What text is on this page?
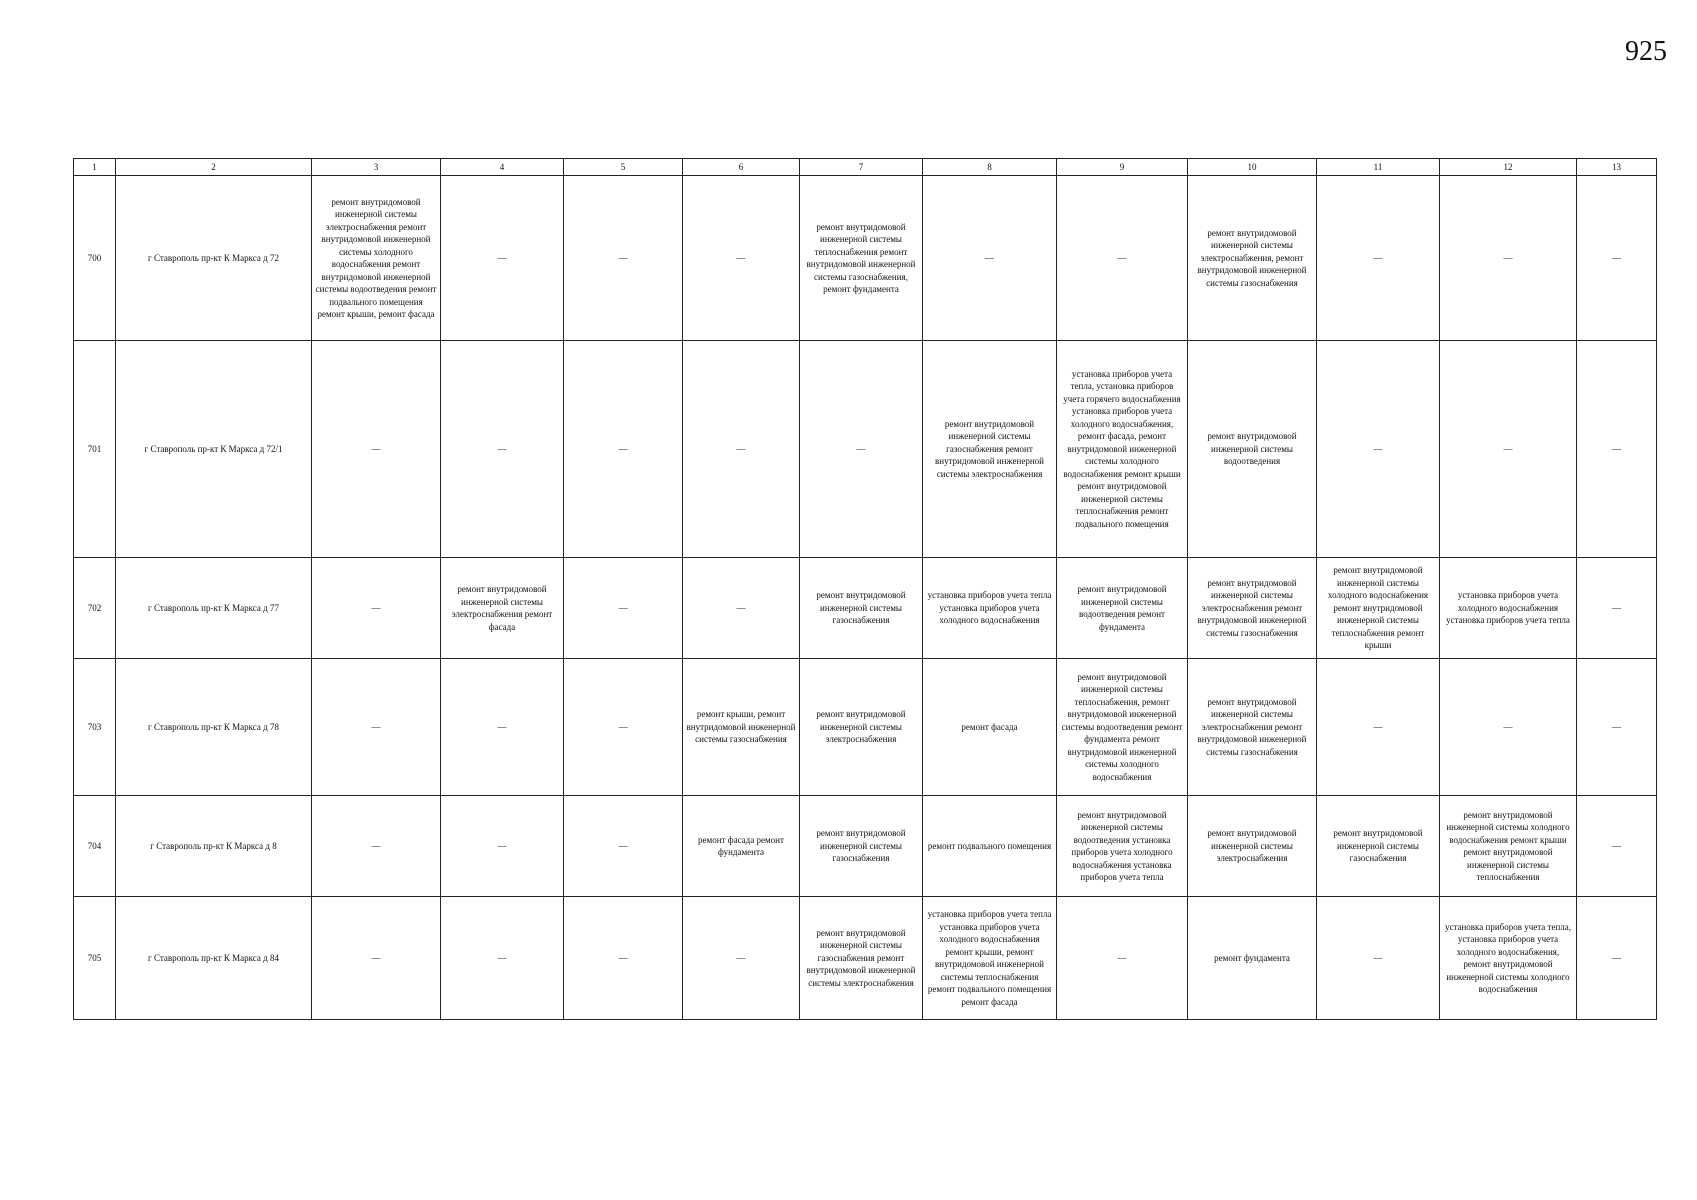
925
1	2	3	4	5	6	7	8	9	10	11	12	13
700	г Ставрополь пр-кт К Маркса д 72	ремонт внутридомовой инженерной системы электроснабжения ремонт внутридомовой инженерной системы холодного водоснабжения ремонт внутридомовой инженерной системы водоотведения ремонт подвального помещения ремонт крыши, ремонт фасада	—	—	—	ремонт внутридомовой инженерной системы теплоснабжения ремонт внутридомовой инженерной системы газоснабжения, ремонт фундамента	—	—	ремонт внутридомовой инженерной системы электроснабжения, ремонт внутридомовой инженерной системы газоснабжения	—	—	—
701	г Ставрополь пр-кт К Маркса д 72/1	—	—	—	—	—	ремонт внутридомовой инженерной системы газоснабжения ремонт внутридомовой инженерной системы электроснабжения	установка приборов учета тепла, установка приборов учета горячего водоснабжения установка приборов учета холодного водоснабжения, ремонт фасада, ремонт внутридомовой инженерной системы холодного водоснабжения ремонт крыши ремонт внутридомовой инженерной системы теплоснабжения ремонт подвального помещения	ремонт внутридомовой инженерной системы водоотведения	—	—	—
702	г Ставрополь пр-кт К Маркса д 77	—	ремонт внутридомовой инженерной системы электроснабжения ремонт фасада	—	—	ремонт внутридомовой инженерной системы газоснабжения	установка приборов учета тепла установка приборов учета холодного водоснабжения	ремонт внутридомовой инженерной системы водоотведения ремонт фундамента	ремонт внутридомовой инженерной системы электроснабжения ремонт внутридомовой инженерной системы газоснабжения	ремонт внутридомовой инженерной системы холодного водоснабжения ремонт внутридомовой инженерной системы теплоснабжения ремонт крыши	установка приборов учета холодного водоснабжения установка приборов учета тепла	—
703	г Ставрополь пр-кт К Маркса д 78	—	—	—	ремонт крыши, ремонт внутридомовой инженерной системы газоснабжения	ремонт внутридомовой инженерной системы электроснабжения	ремонт фасада	ремонт внутридомовой инженерной системы теплоснабжения, ремонт внутридомовой инженерной системы водоотведения ремонт фундамента ремонт внутридомовой инженерной системы холодного водоснабжения	ремонт внутридомовой инженерной системы электроснабжения ремонт внутридомовой инженерной системы газоснабжения	—	—	—
704	г Ставрополь пр-кт К Маркса д 8	—	—	—	ремонт фасада ремонт фундамента	ремонт внутридомовой инженерной системы газоснабжения	ремонт подвального помещения	ремонт внутридомовой инженерной системы водоотведения установка приборов учета холодного водоснабжения установка приборов учета тепла	ремонт внутридомовой инженерной системы электроснабжения	ремонт внутридомовой инженерной системы газоснабжения	ремонт внутридомовой инженерной системы холодного водоснабжения ремонт крыши ремонт внутридомовой инженерной системы теплоснабжения	—
705	г Ставрополь пр-кт К Маркса д 84	—	—	—	—	ремонт внутридомовой инженерной системы газоснабжения ремонт внутридомовой инженерной системы электроснабжения	установка приборов учета тепла установка приборов учета холодного водоснабжения ремонт крыши, ремонт внутридомовой инженерной системы теплоснабжения ремонт подвального помещения ремонт фасада	—	ремонт фундамента	—	установка приборов учета тепла, установка приборов учета холодного водоснабжения, ремонт внутридомовой инженерной системы холодного водоснабжения	—
